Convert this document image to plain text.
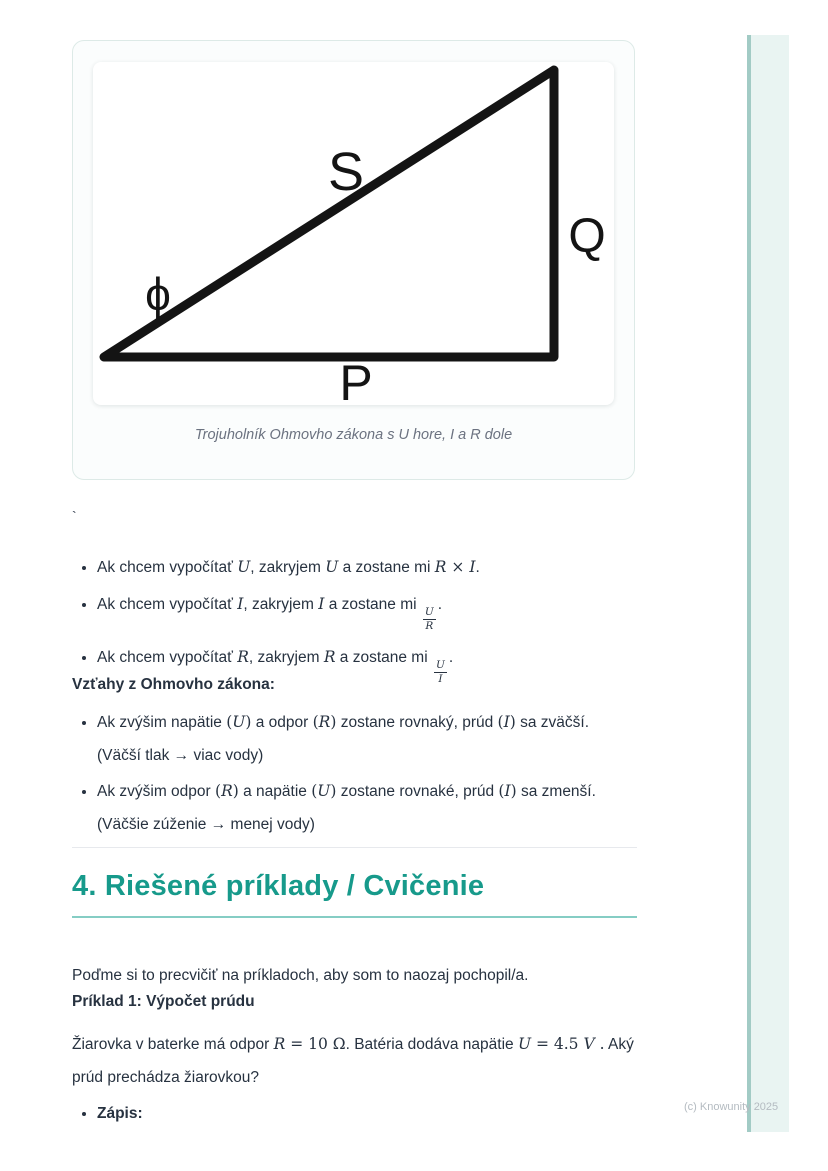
S
Q
P
ϕ
Trojuholník Ohmovho zákona s U hore, I a R dole
`
• Ak chcem vypočítať U, zakryjem U a zostane mi R × I.
• Ak chcem vypočítať I, zakryjem I a zostane mi
$\frac{U}{R}$
.
• Ak chcem vypočítať R, zakryjem R a zostane mi
$\frac{U}{I}$
.
Vzťahy z Ohmovho zákona:
• Ak zvýšim napätie (U) a odpor (R) zostane rovnaký, prúd (I) sa zväčší.
(Väčší tlak → viac vody)
• Ak zvýšim odpor (R) a napätie (U) zostane rovnaké, prúd (I) sa zmenší.
(Väčšie zúženie → menej vody)
4. Riešené príklady / Cvičenie

Poďme si to precvičiť na príkladoch, aby som to naozaj pochopil/a.

Príklad 1: Výpočet prúdu
Žiarovka v baterke má odpor R = 10 Ω. Batéria dodáva napätie U = 4.5 V . Aký prúd prechádza žiarovkou?
• Zápis:	(c) Knowunity 2025
